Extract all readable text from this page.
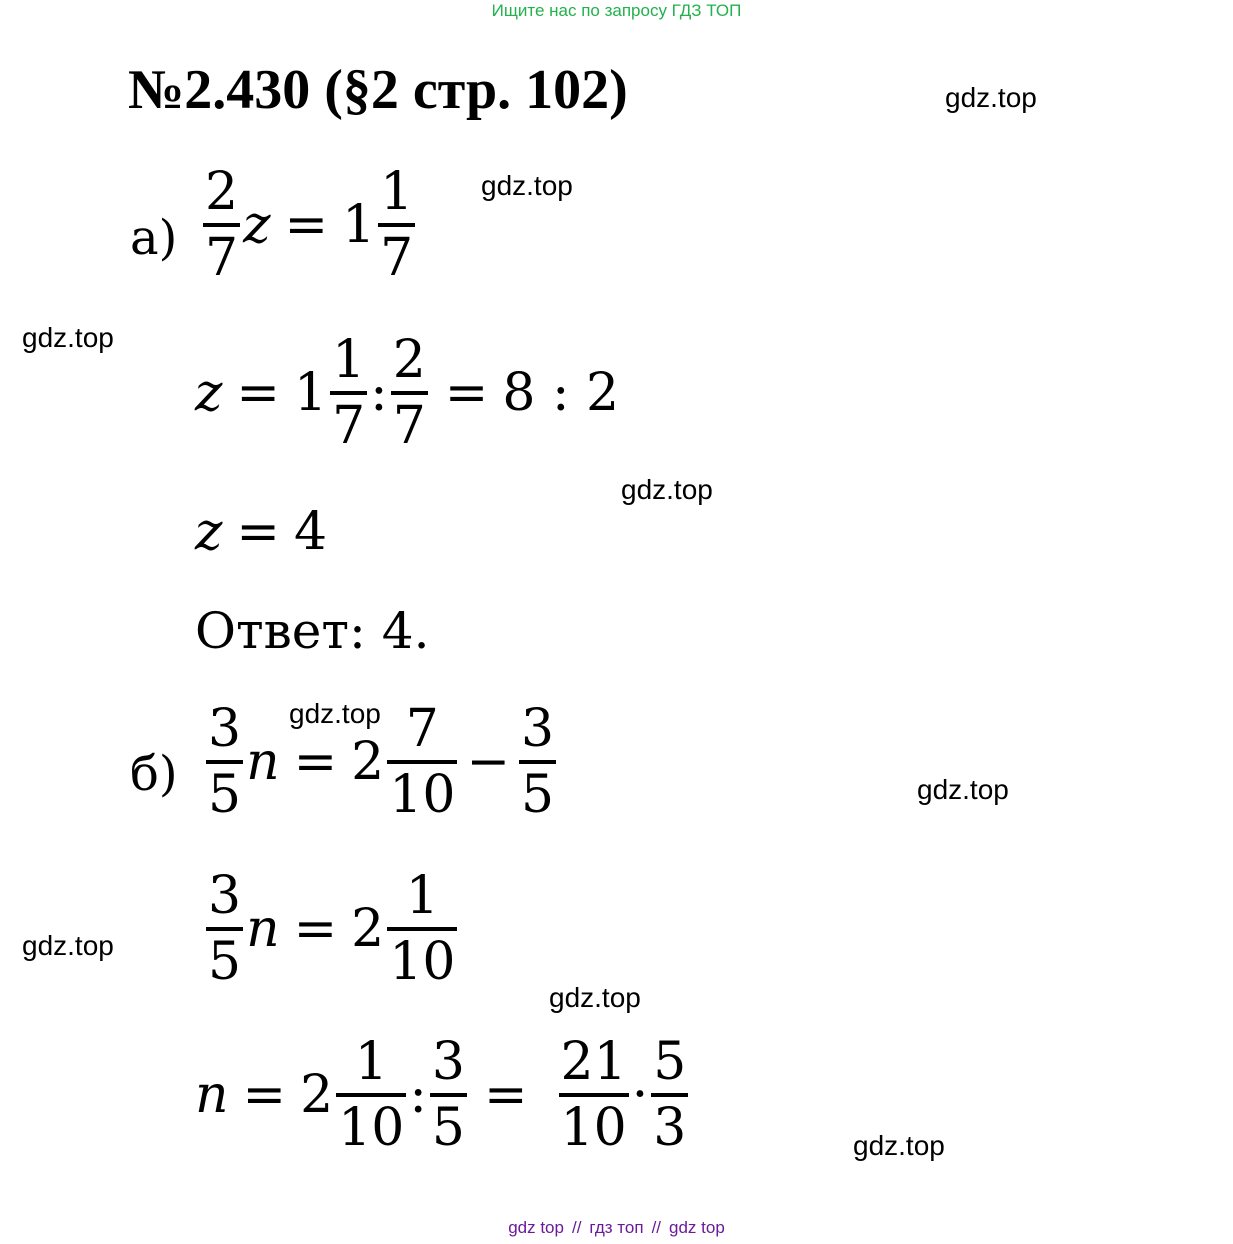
Ищите нас по запросу ГДЗ ТОП
№2.430 (§2 стр. 102)	gdz.top
gdz.top
gdz.top
gdz.top
gdz.top
gdz.top
gdz.top
gdz.top
gdz.top
$а) \frac{2}{7}$ $z = 1 \frac{1}{7}$
$z = 1 \frac{1}{7}$ : $\frac{2}{7} = 8$ : 2
z = 4
Ответ: 4.
$б) \frac{3}{5}$ $n = 2 \frac{7}{10} - \frac{3}{5}$
$\frac{3}{5}$ $n = 2 \frac{1}{10}$
$n = 2 \frac{1}{10}$ : $\frac{3}{5} = \frac{21}{10} \cdot \frac{5}{3}$
gdz top // гдз топ // gdz top
